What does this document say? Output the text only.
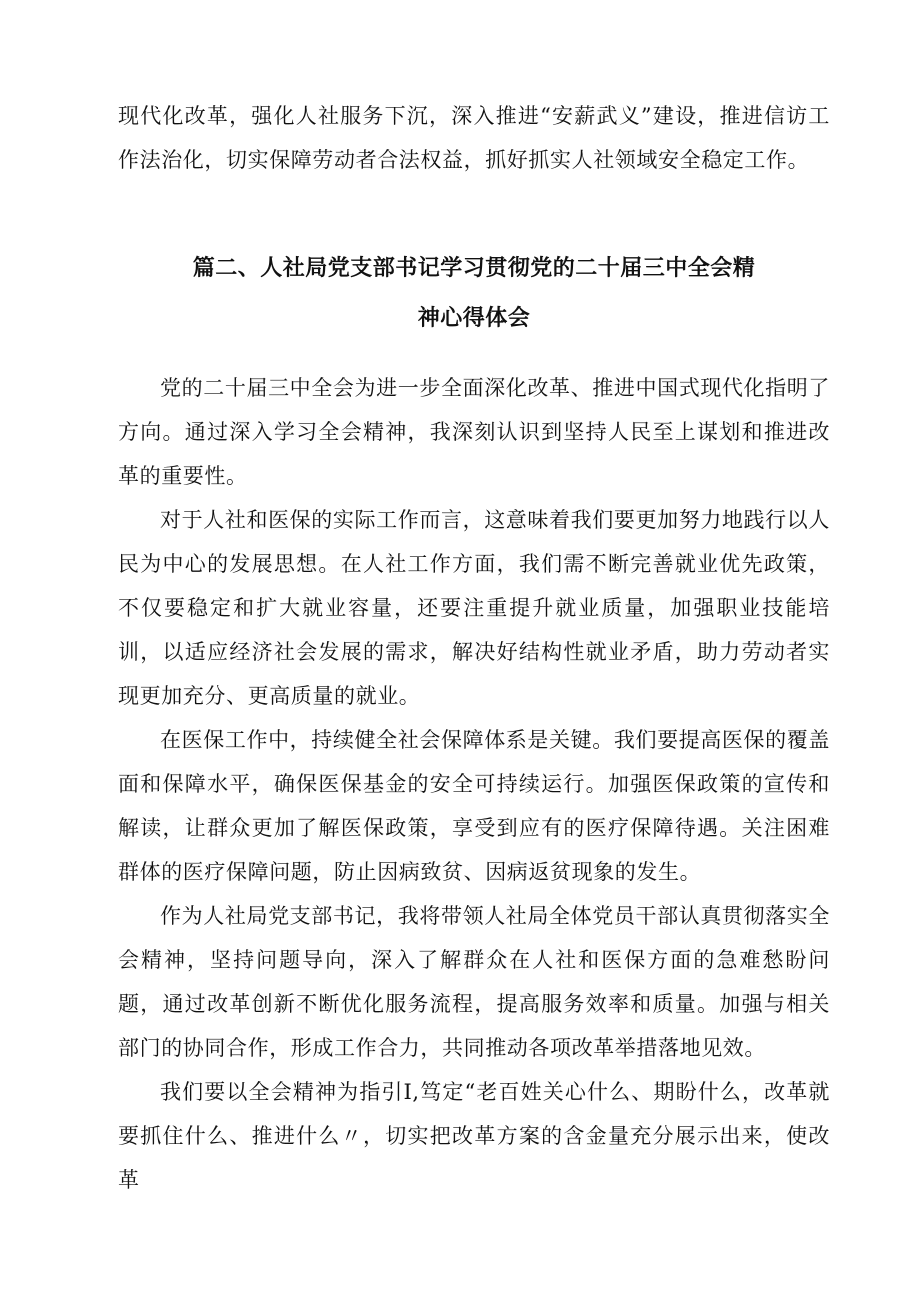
现代化改革，强化人社服务下沉，深入推进“安薪武义”建设，推进信访工作法治化，切实保障劳动者合法权益，抓好抓实人社领域安全稳定工作。

篇二、人社局党支部书记学习贯彻党的二十届三中全会精
神心得体会

党的二十届三中全会为进一步全面深化改革、推进中国式现代化指明了方向。通过深入学习全会精神，我深刻认识到坚持人民至上谋划和推进改革的重要性。

对于人社和医保的实际工作而言，这意味着我们要更加努力地践行以人民为中心的发展思想。在人社工作方面，我们需不断完善就业优先政策，不仅要稳定和扩大就业容量，还要注重提升就业质量，加强职业技能培训，以适应经济社会发展的需求，解决好结构性就业矛盾，助力劳动者实现更加充分、更高质量的就业。

在医保工作中，持续健全社会保障体系是关键。我们要提高医保的覆盖面和保障水平，确保医保基金的安全可持续运行。加强医保政策的宣传和解读，让群众更加了解医保政策，享受到应有的医疗保障待遇。关注困难群体的医疗保障问题，防止因病致贫、因病返贫现象的发生。

作为人社局党支部书记，我将带领人社局全体党员干部认真贯彻落实全会精神，坚持问题导向，深入了解群众在人社和医保方面的急难愁盼问题，通过改革创新不断优化服务流程，提高服务效率和质量。加强与相关部门的协同合作，形成工作合力，共同推动各项改革举措落地见效。

我们要以全会精神为指引I,笃定“老百姓关心什么、期盼什么，改革就要抓住什么、推进什么〃，切实把改革方案的含金量充分展示出来，使改革
